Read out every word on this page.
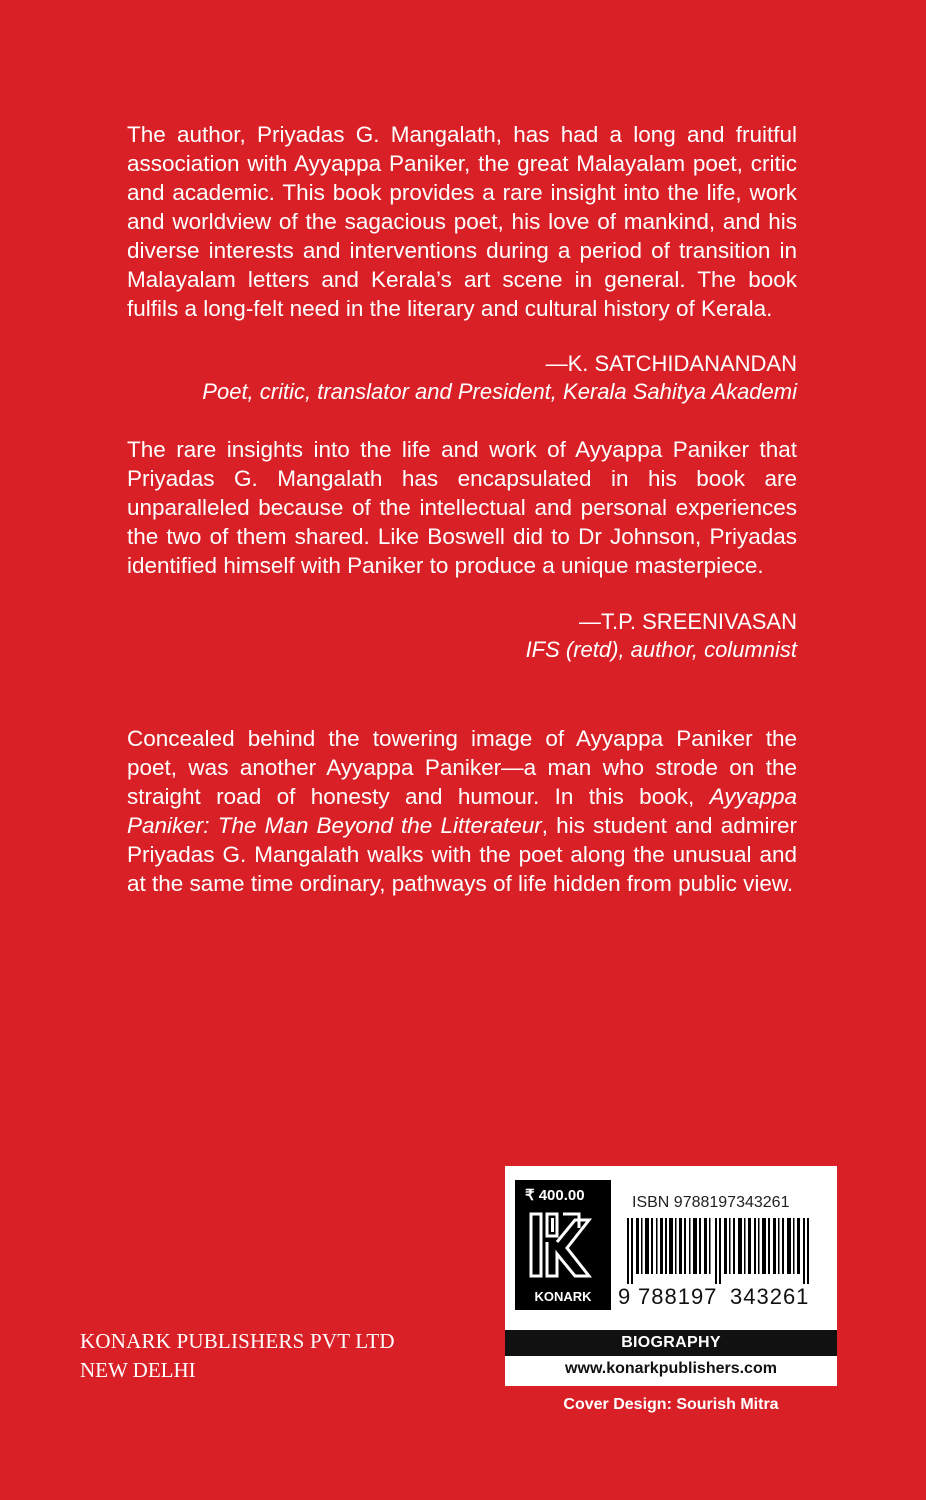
The author, Priyadas G. Mangalath, has had a long and fruitful association with Ayyappa Paniker, the great Malayalam poet, critic and academic. This book provides a rare insight into the life, work and worldview of the sagacious poet, his love of mankind, and his diverse interests and interventions during a period of transition in Malayalam letters and Kerala’s art scene in general. The book fulfils a long-felt need in the literary and cultural history of Kerala.

—K. SATCHIDANANDAN
Poet, critic, translator and President, Kerala Sahitya Akademi

The rare insights into the life and work of Ayyappa Paniker that Priyadas G. Mangalath has encapsulated in his book are unparalleled because of the intellectual and personal experiences the two of them shared. Like Boswell did to Dr Johnson, Priyadas identified himself with Paniker to produce a unique masterpiece.

—T.P. SREENIVASAN
IFS (retd), author, columnist

Concealed behind the towering image of Ayyappa Paniker the poet, was another Ayyappa Paniker—a man who strode on the straight road of honesty and humour. In this book, Ayyappa Paniker: The Man Beyond the Litterateur, his student and admirer Priyadas G. Mangalath walks with the poet along the unusual and at the same time ordinary, pathways of life hidden from public view.

KONARK PUBLISHERS PVT LTD
NEW DELHI
₹ 400.00
KONARK
ISBN 9788197343261
9 788197 343261
BIOGRAPHY
www.konarkpublishers.com
Cover Design: Sourish Mitra
